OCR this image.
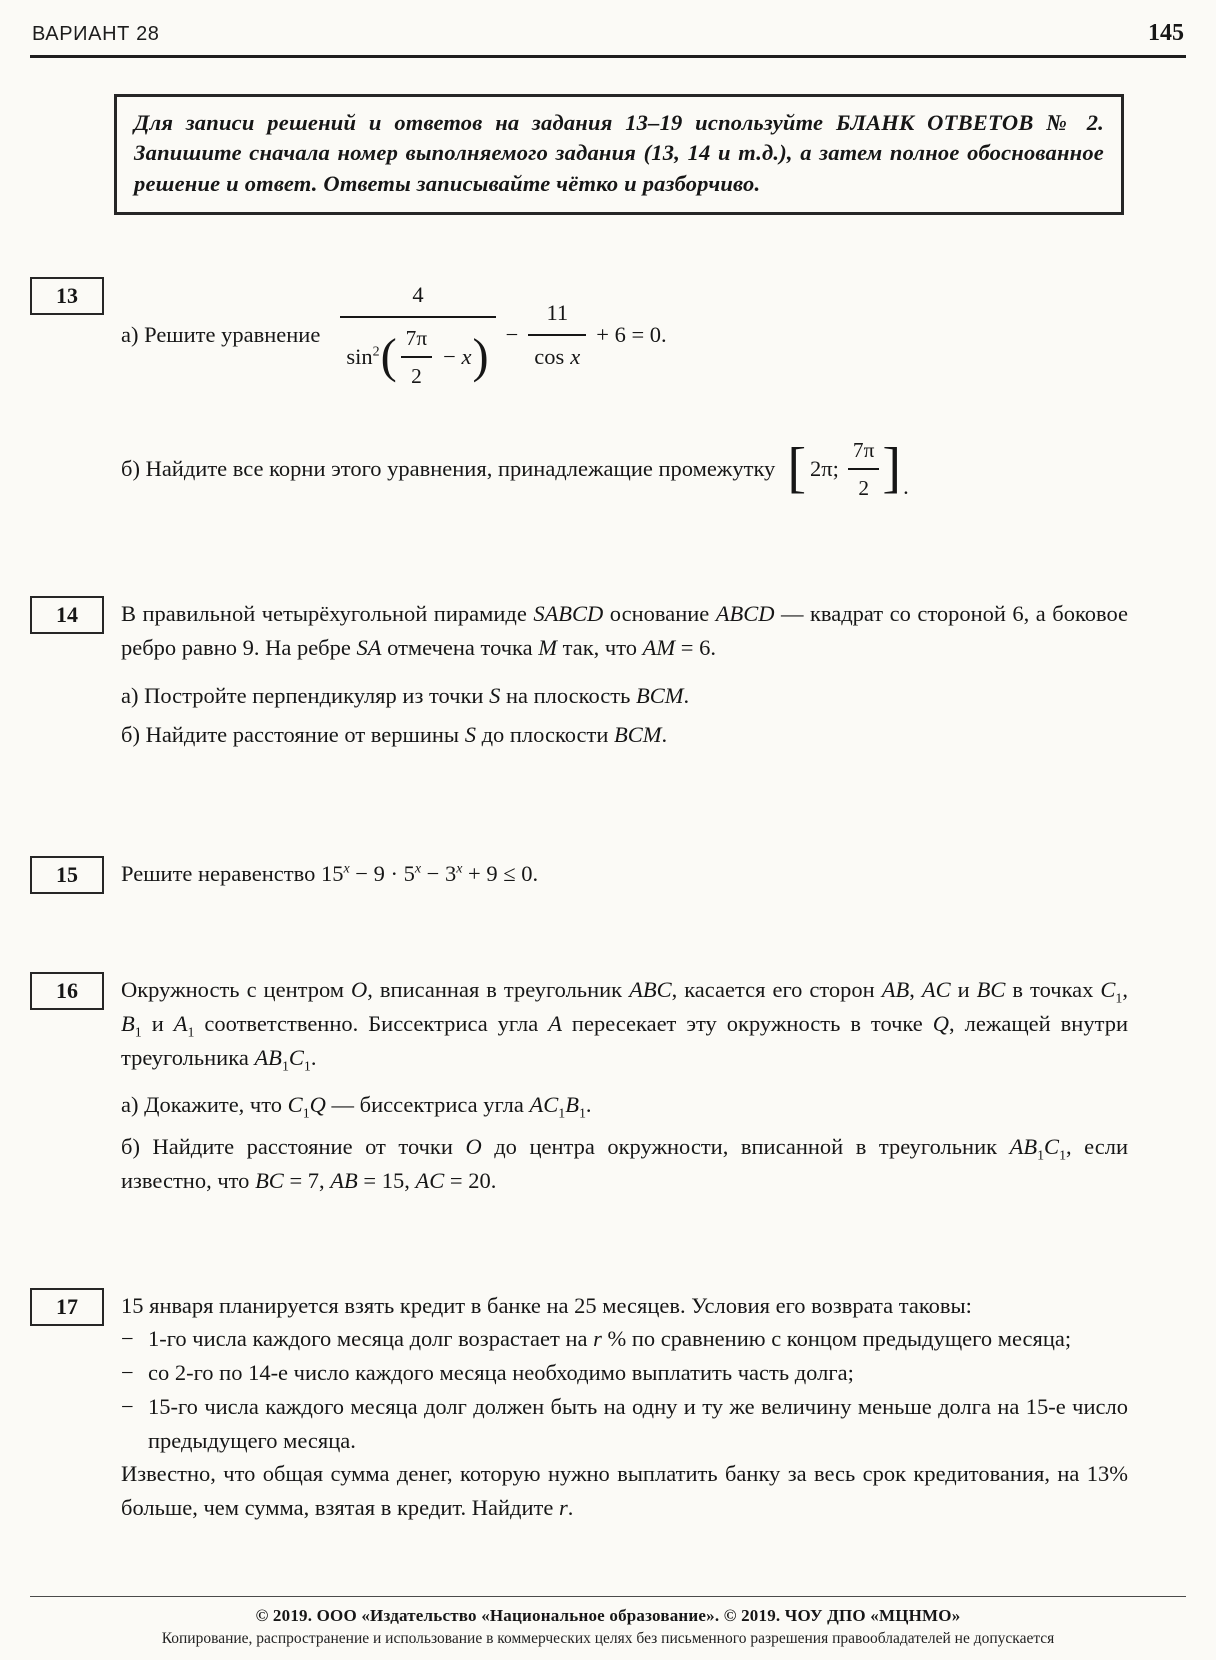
ВАРИАНТ 28	145

Для записи решений и ответов на задания 13–19 используйте БЛАНК ОТВЕТОВ № 2. Запишите сначала номер выполняемого задания (13, 14 и т.д.), а затем полное обоснованное решение и ответ. Ответы записывайте чётко и разборчиво.

13
а) Решите уравнение
4
$\sin^2$ ( $\frac{7\pi}{2} - x$ ) − $\frac{11}{\text{cos x}} + 6 = 0$.
б) Найдите все корни этого уравнения, принадлежащие промежутку [ 2π; $\frac{7\pi}{2}$ ] .
14	В правильной четырёхугольной пирамиде SABCD основание ABCD — квадрат со стороной 6, а боковое ребро равно 9. На ребре SA отмечена точка M так, что AM = 6.

а) Постройте перпендикуляр из точки S на плоскость BCM.

б) Найдите расстояние от вершины S до плоскости BCM.

15	Решите неравенство $15^x - 9 \cdot 5^x - 3^x + 9 \le 0$.

16	Окружность с центром O, вписанная в треугольник ABC, касается его сторон AB, AC и BC в точках $C_1$, $B_1$ и $A_1$ соответственно. Биссектриса угла A пересекает эту окружность в точке Q, лежащей внутри треугольника $AB_1C_1$.

а) Докажите, что $C_1Q$ — биссектриса угла $AC_1B_1$.

б) Найдите расстояние от точки O до центра окружности, вписанной в треугольник $AB_1C_1$, если известно, что BC = 7, AB = 15, AC = 20.

17	15 января планируется взять кредит в банке на 25 месяцев. Условия его возврата таковы:

− 1-го числа каждого месяца долг возрастает на r % по сравнению с концом предыдущего месяца;
− со 2-го по 14-е число каждого месяца необходимо выплатить часть долга;
− 15-го числа каждого месяца долг должен быть на одну и ту же величину меньше долга на 15-е число предыдущего месяца.

Известно, что общая сумма денег, которую нужно выплатить банку за весь срок кредитования, на 13% больше, чем сумма, взятая в кредит. Найдите r.

© 2019. ООО «Издательство «Национальное образование». © 2019. ЧОУ ДПО «МЦНМО»
Копирование, распространение и использование в коммерческих целях без письменного разрешения правообладателей не допускается
